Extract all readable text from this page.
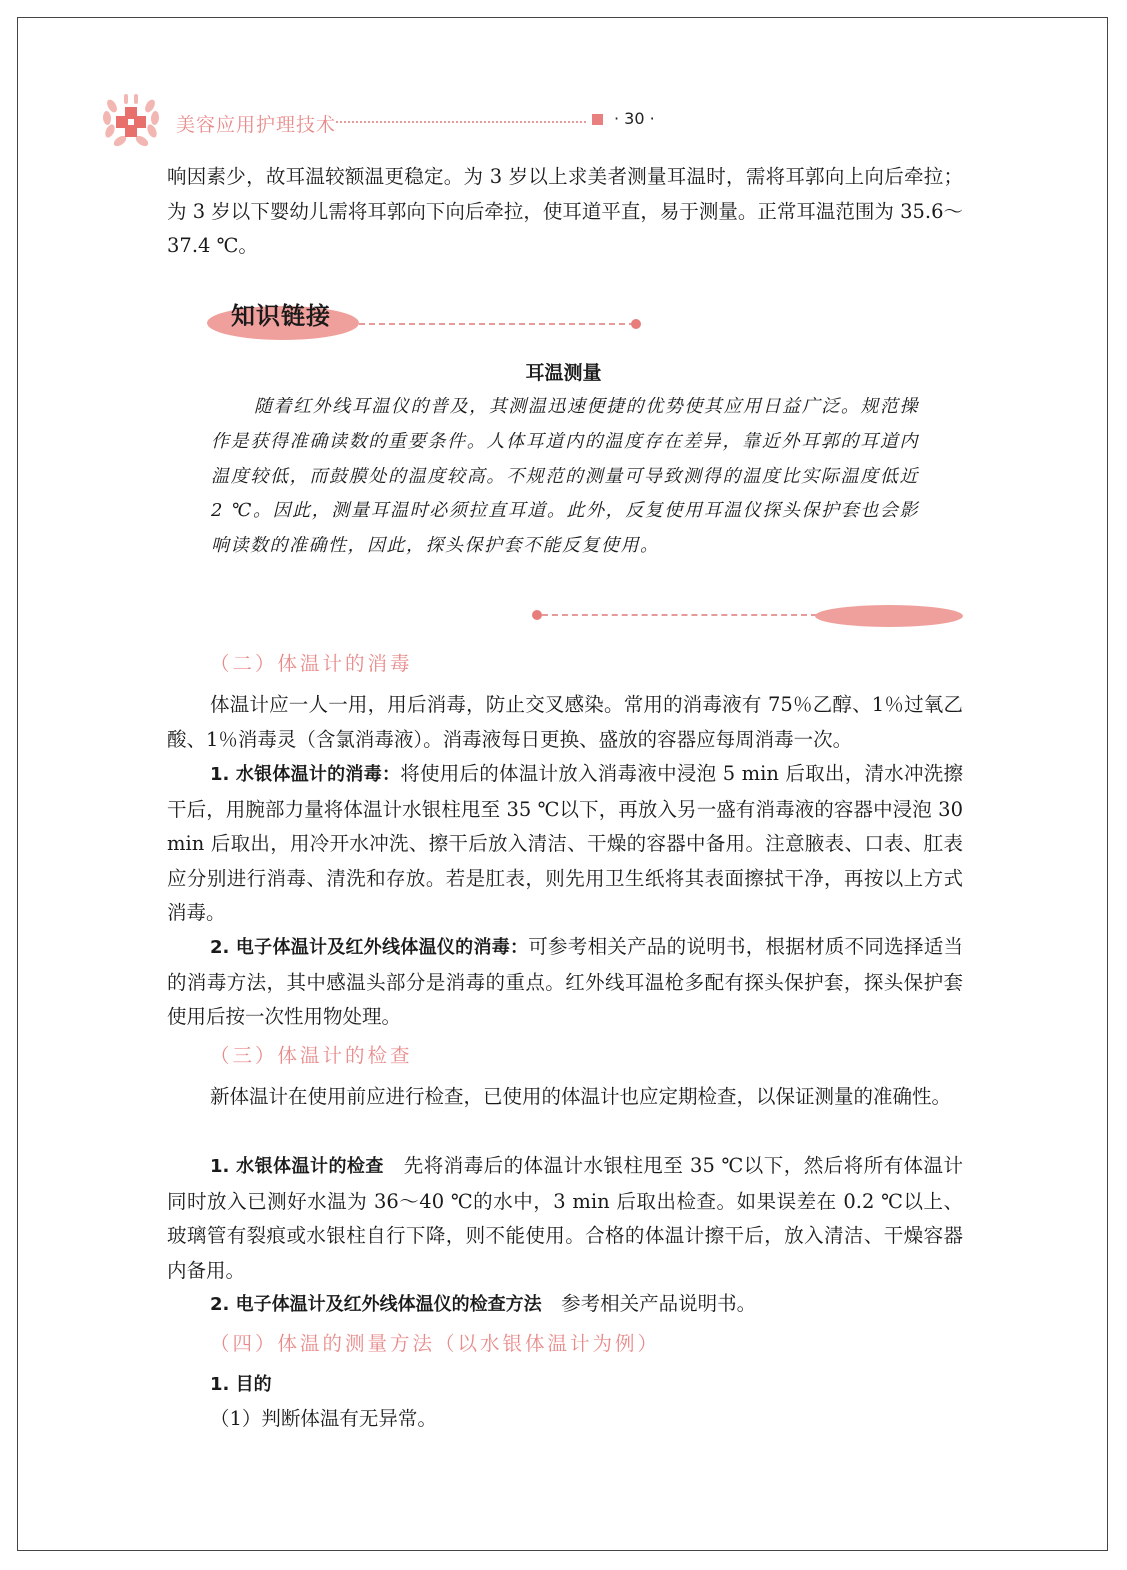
美容应用护理技术	· 30 ·

响因素少，故耳温较额温更稳定。为 3 岁以上求美者测量耳温时，需将耳郭向上向后牵拉；为 3 岁以下婴幼儿需将耳郭向下向后牵拉，使耳道平直，易于测量。正常耳温范围为 35.6～37.4 ℃。

知识链接

耳温测量

随着红外线耳温仪的普及，其测温迅速便捷的优势使其应用日益广泛。规范操作是获得准确读数的重要条件。人体耳道内的温度存在差异，靠近外耳郭的耳道内温度较低，而鼓膜处的温度较高。不规范的测量可导致测得的温度比实际温度低近 2 ℃。因此，测量耳温时必须拉直耳道。此外，反复使用耳温仪探头保护套也会影响读数的准确性，因此，探头保护套不能反复使用。

（二）体温计的消毒

体温计应一人一用，用后消毒，防止交叉感染。常用的消毒液有 75％乙醇、1％过氧乙酸、1％消毒灵（含氯消毒液）。消毒液每日更换、盛放的容器应每周消毒一次。

1. 水银体温计的消毒：将使用后的体温计放入消毒液中浸泡 5 min 后取出，清水冲洗擦干后，用腕部力量将体温计水银柱甩至 35 ℃以下，再放入另一盛有消毒液的容器中浸泡 30 min 后取出，用冷开水冲洗、擦干后放入清洁、干燥的容器中备用。注意腋表、口表、肛表应分别进行消毒、清洗和存放。若是肛表，则先用卫生纸将其表面擦拭干净，再按以上方式消毒。

2. 电子体温计及红外线体温仪的消毒：可参考相关产品的说明书，根据材质不同选择适当的消毒方法，其中感温头部分是消毒的重点。红外线耳温枪多配有探头保护套，探头保护套使用后按一次性用物处理。

（三）体温计的检查

新体温计在使用前应进行检查，已使用的体温计也应定期检查，以保证测量的准确性。

1. 水银体温计的检查　先将消毒后的体温计水银柱甩至 35 ℃以下，然后将所有体温计同时放入已测好水温为 36～40 ℃的水中，3 min 后取出检查。如果误差在 0.2 ℃以上、玻璃管有裂痕或水银柱自行下降，则不能使用。合格的体温计擦干后，放入清洁、干燥容器内备用。

2. 电子体温计及红外线体温仪的检查方法　参考相关产品说明书。

（四）体温的测量方法（以水银体温计为例）

1. 目的

（1）判断体温有无异常。
